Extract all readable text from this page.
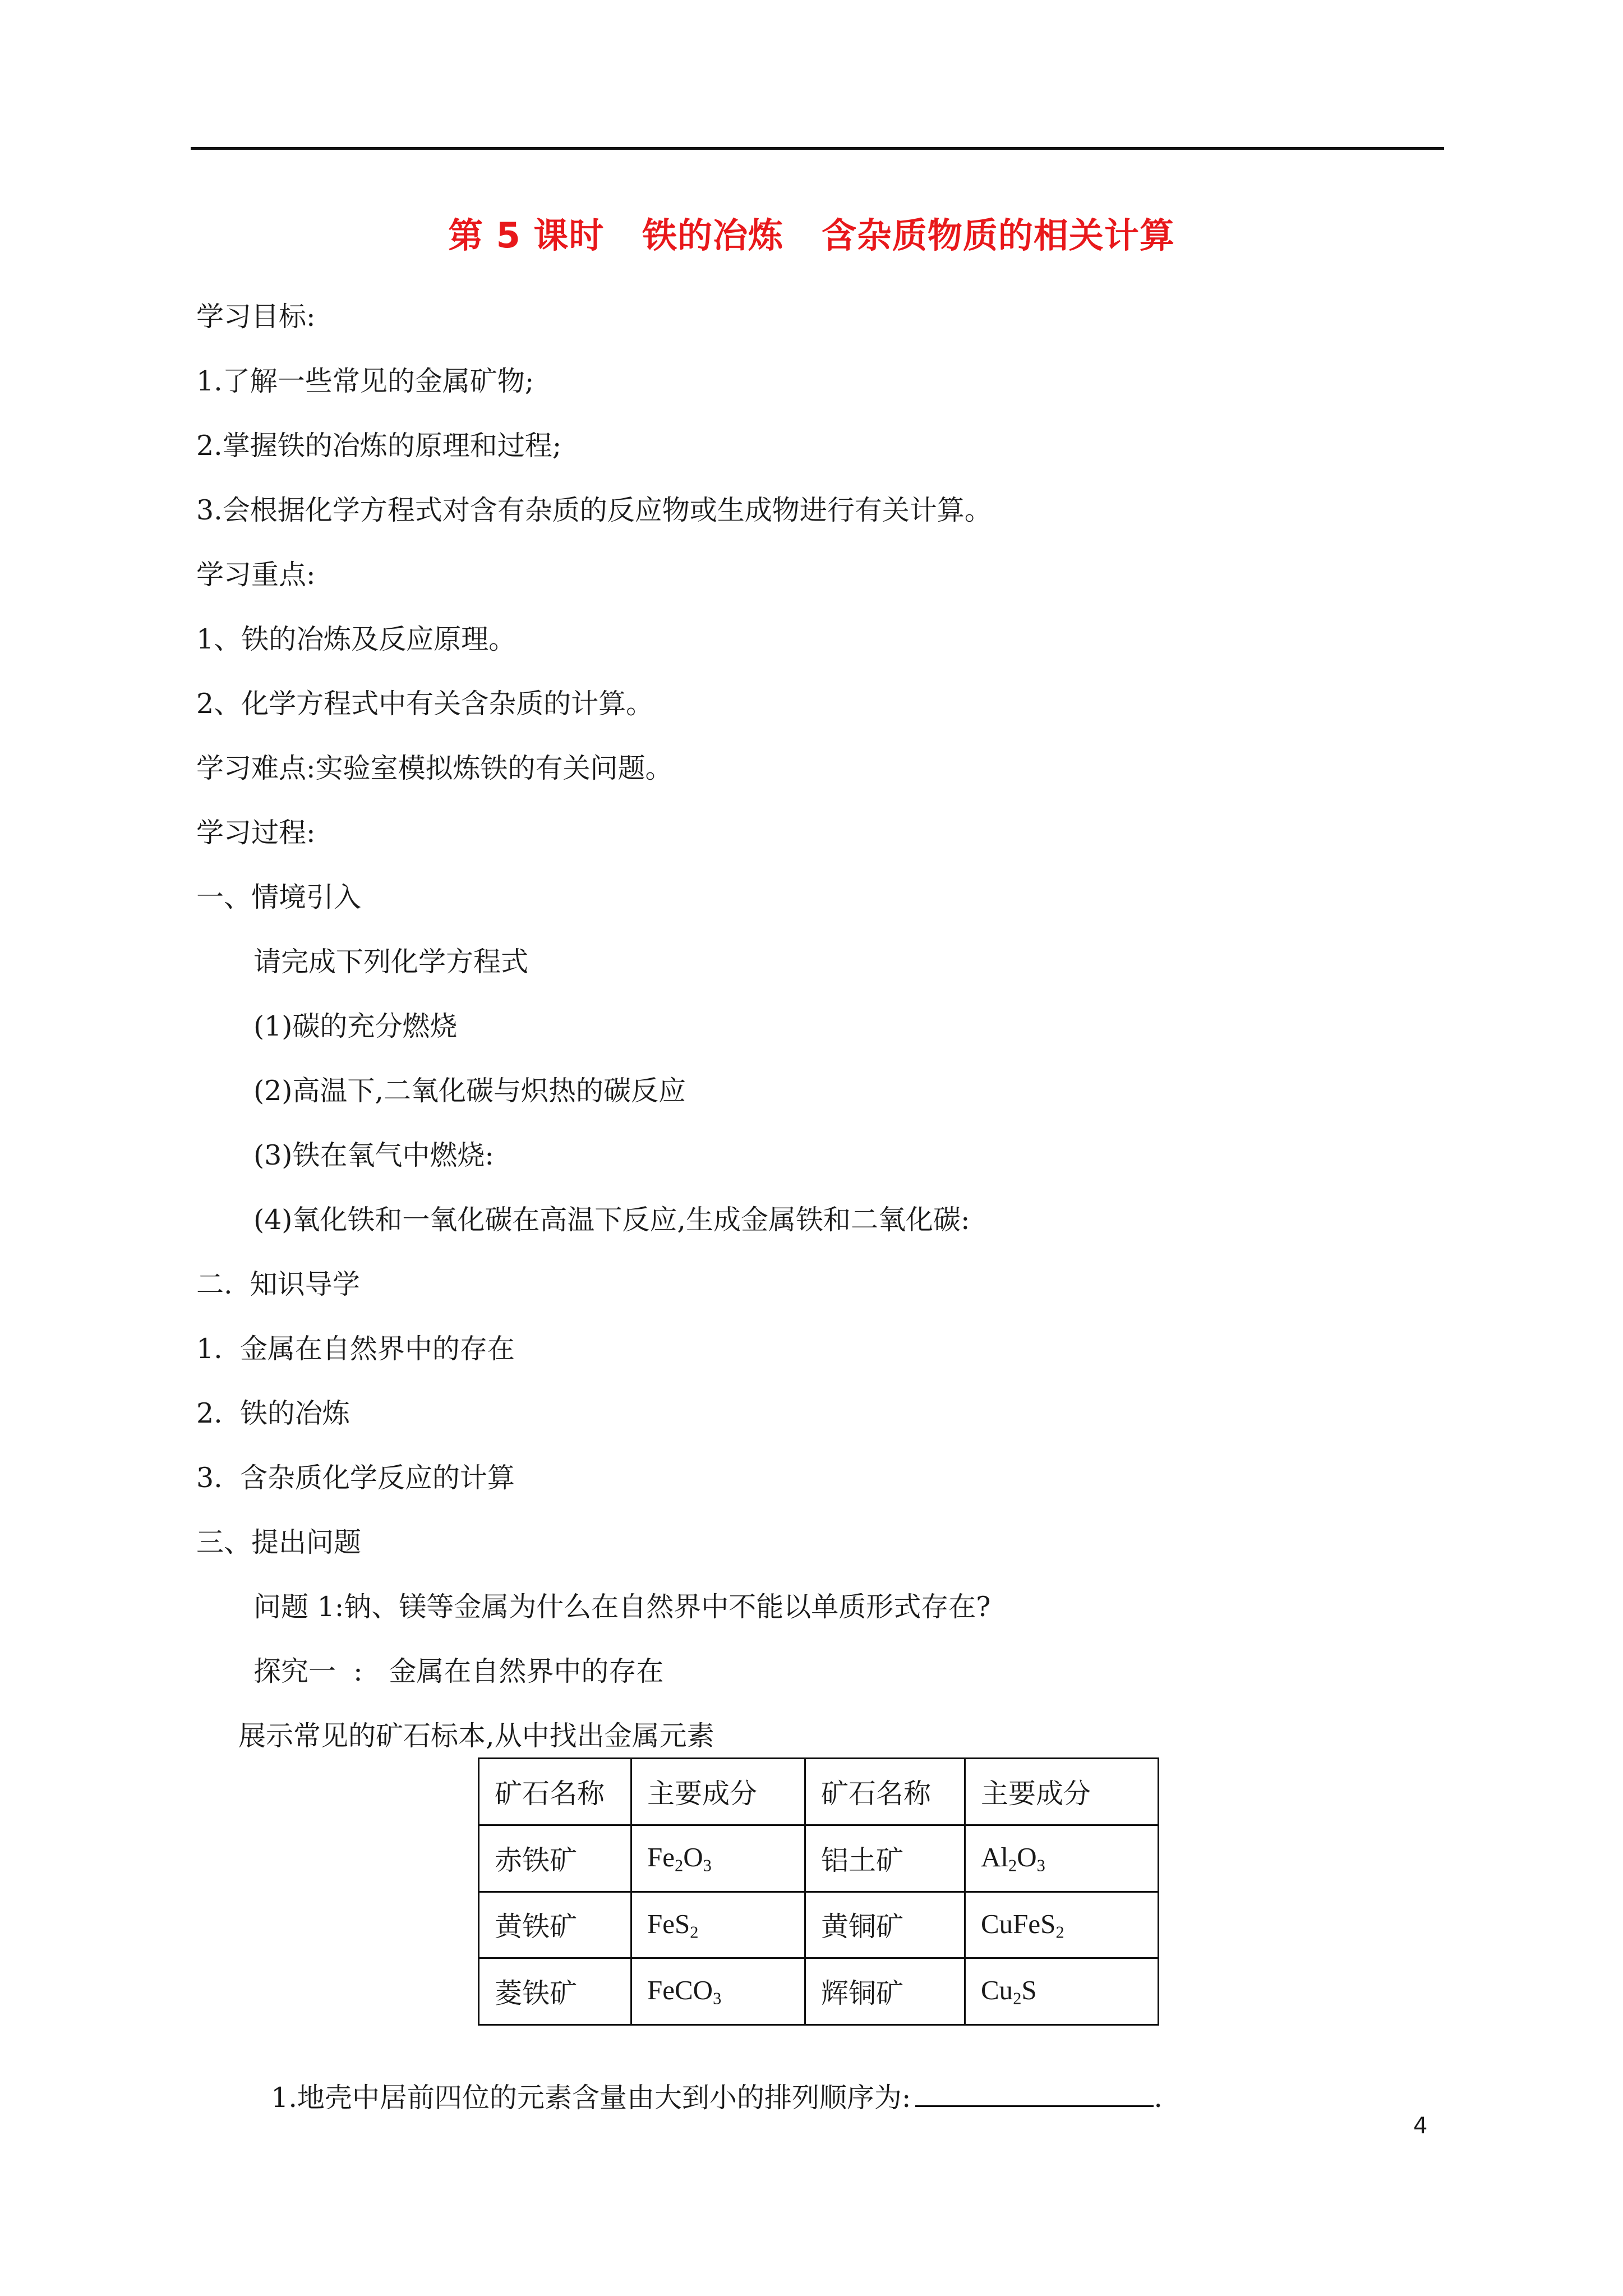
第 5 课时   铁的冶炼   含杂质物质的相关计算
学习目标:
1.了解一些常见的金属矿物;
2.掌握铁的冶炼的原理和过程;
3.会根据化学方程式对含有杂质的反应物或生成物进行有关计算。
学习重点:
1、铁的冶炼及反应原理。
2、化学方程式中有关含杂质的计算。
学习难点:实验室模拟炼铁的有关问题。
学习过程:
一、情境引入
请完成下列化学方程式
(1)碳的充分燃烧
(2)高温下,二氧化碳与炽热的碳反应
(3)铁在氧气中燃烧:
(4)氧化铁和一氧化碳在高温下反应,生成金属铁和二氧化碳:
二.  知识导学
1.  金属在自然界中的存在
2.  铁的冶炼
3.  含杂质化学反应的计算
三、提出问题
问题 1:钠、镁等金属为什么在自然界中不能以单质形式存在?
探究一  :   金属在自然界中的存在
展示常见的矿石标本,从中找出金属元素
矿石名称	主要成分	矿石名称	主要成分
赤铁矿	$Fe_2O_3$	铝土矿	$Al_2O_3$
黄铁矿	FeS$_2$	黄铜矿	CuFeS$_2$
菱铁矿	FeCO$_3$	辉铜矿	$Cu_2S$

1.地壳中居前四位的元素含量由大到小的排列顺序为:	.

4
